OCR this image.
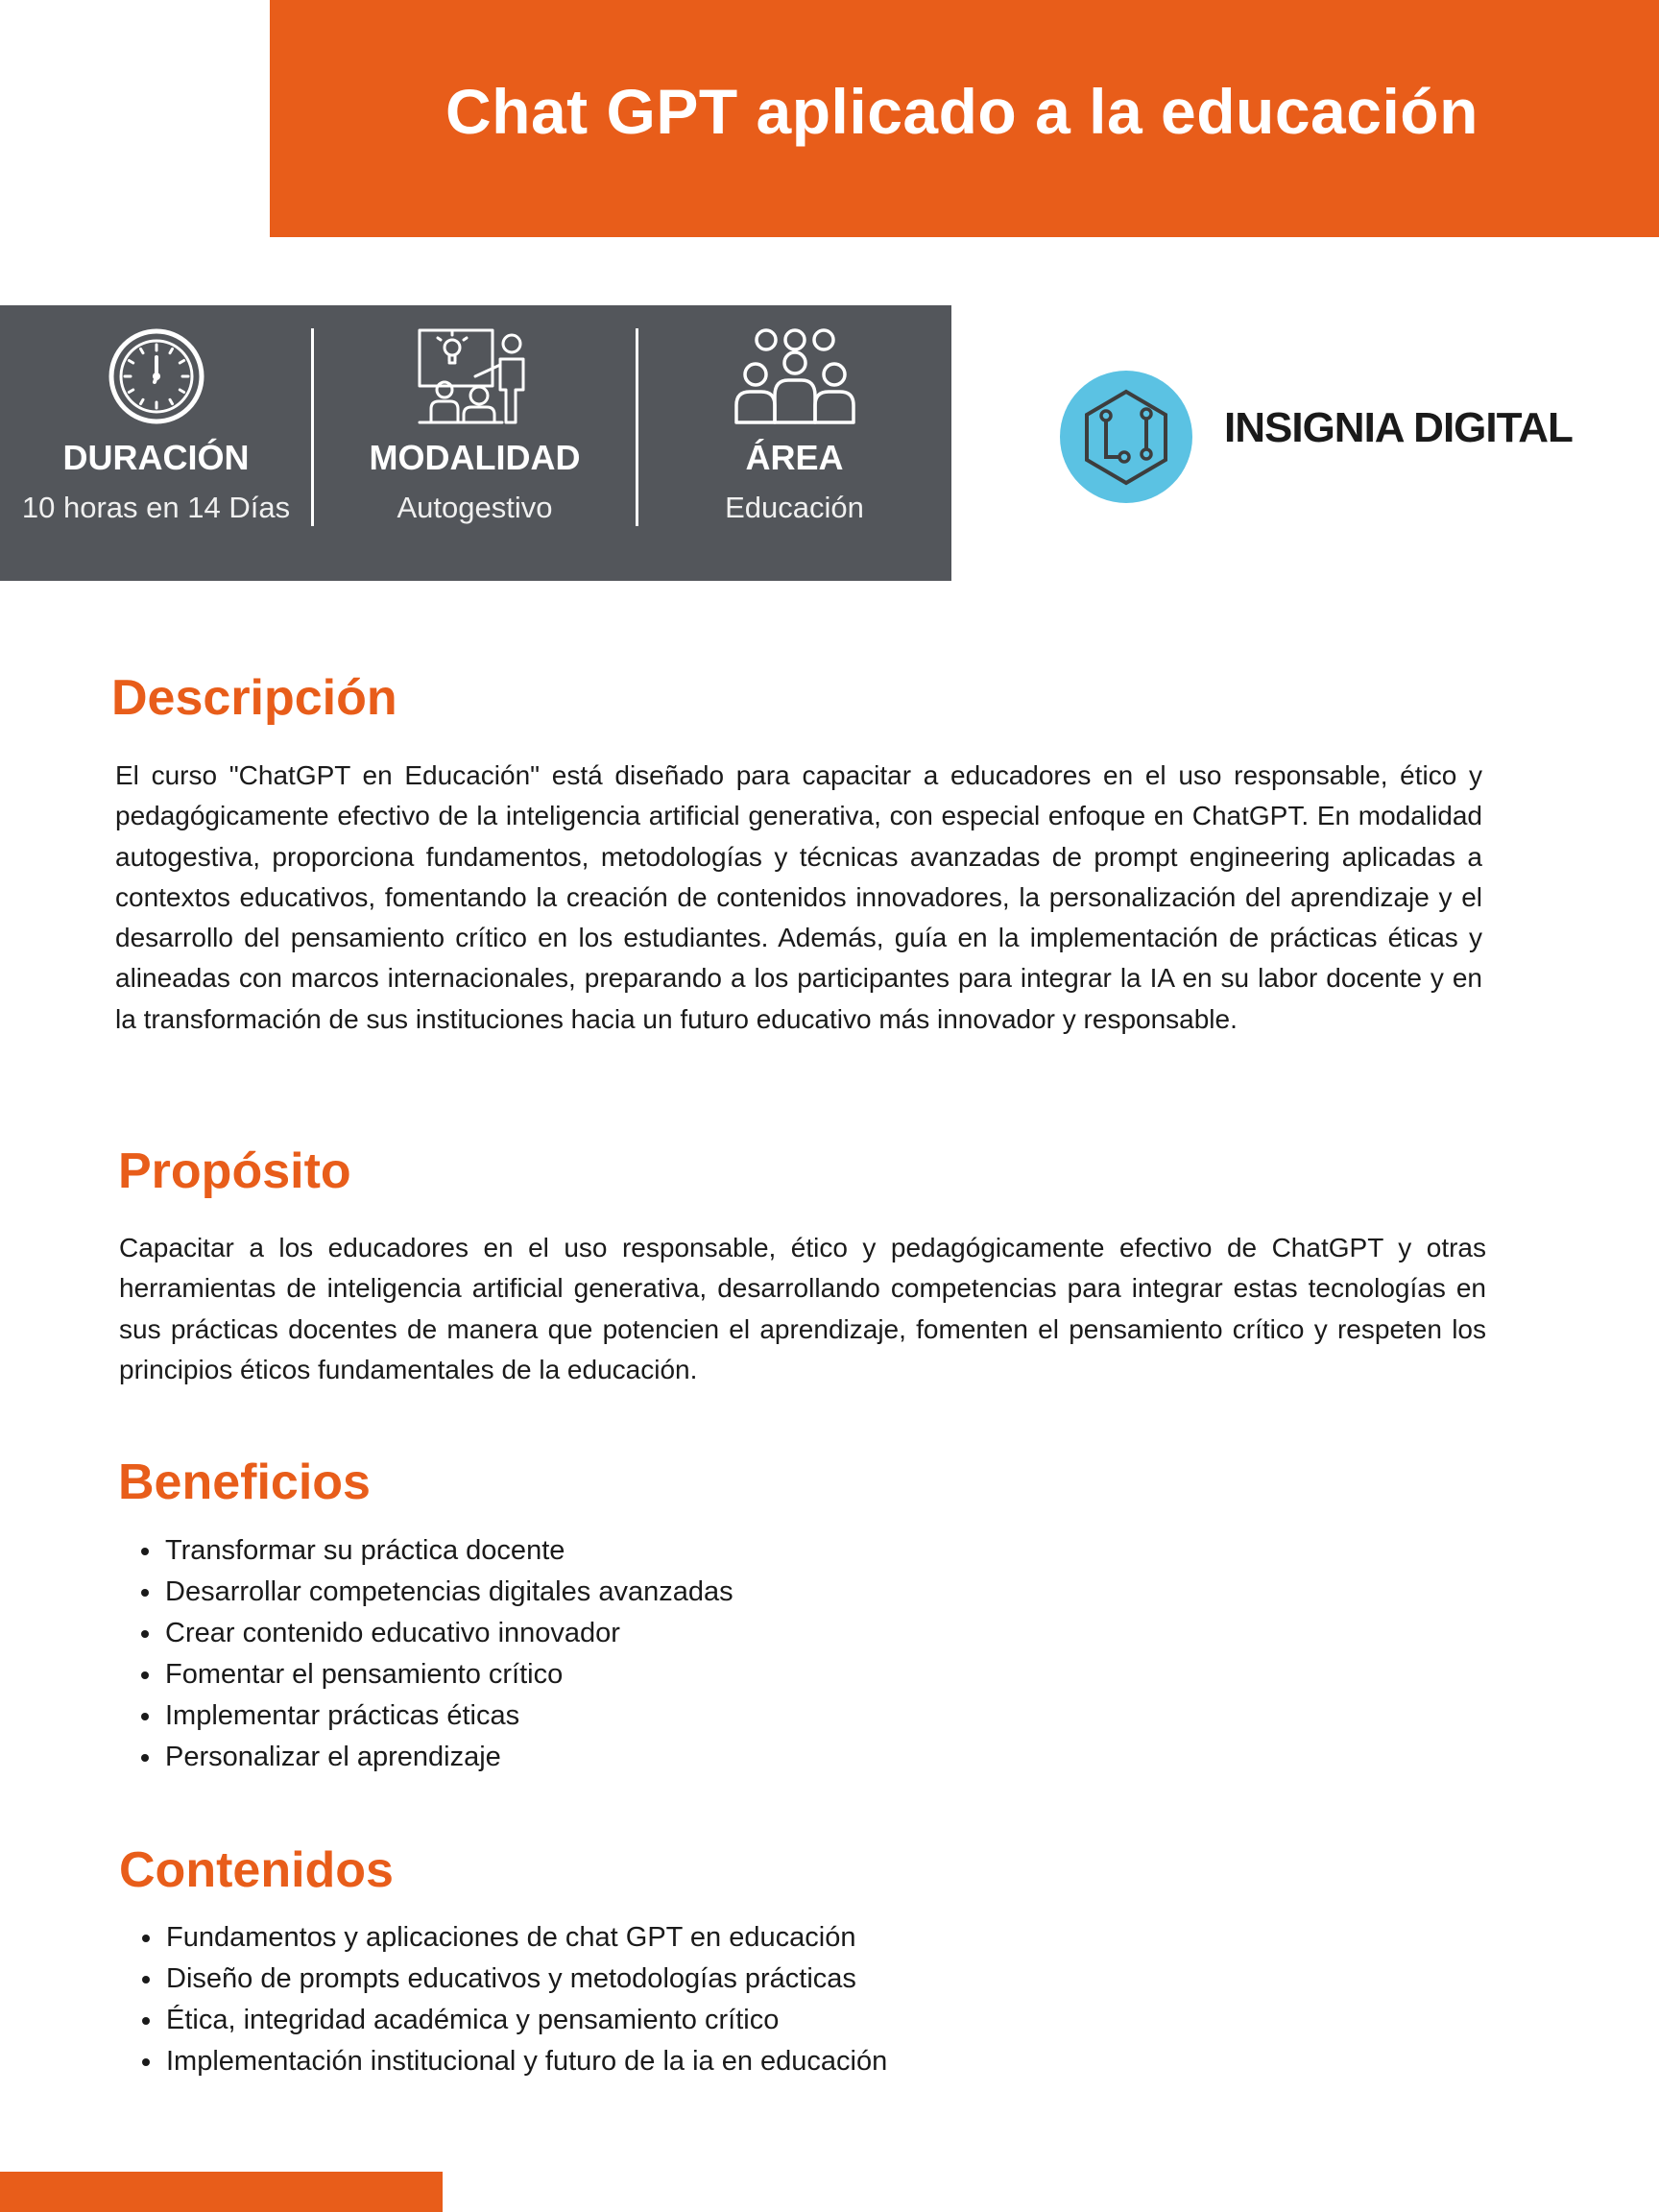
Chat GPT aplicado a la educación
DURACIÓN
10 horas en 14 Días
MODALIDAD
Autogestivo
ÁREA
Educación
INSIGNIA DIGITAL
Descripción

El curso "ChatGPT en Educación" está diseñado para capacitar a educadores en el uso responsable, ético y pedagógicamente efectivo de la inteligencia artificial generativa, con especial enfoque en ChatGPT. En modalidad autogestiva, proporciona fundamentos, metodologías y técnicas avanzadas de prompt engineering aplicadas a contextos educativos, fomentando la creación de contenidos innovadores, la personalización del aprendizaje y el desarrollo del pensamiento crítico en los estudiantes. Además, guía en la implementación de prácticas éticas y alineadas con marcos internacionales, preparando a los participantes para integrar la IA en su labor docente y en la transformación de sus instituciones hacia un futuro educativo más innovador y responsable.

Propósito

Capacitar a los educadores en el uso responsable, ético y pedagógicamente efectivo de ChatGPT y otras herramientas de inteligencia artificial generativa, desarrollando competencias para integrar estas tecnologías en sus prácticas docentes de manera que potencien el aprendizaje, fomenten el pensamiento crítico y respeten los principios éticos fundamentales de la educación.

Beneficios
Transformar su práctica docente
Desarrollar competencias digitales avanzadas
Crear contenido educativo innovador
Fomentar el pensamiento crítico
Implementar prácticas éticas
Personalizar el aprendizaje
Contenidos
Fundamentos y aplicaciones de chat GPT en educación
Diseño de prompts educativos y metodologías prácticas
Ética, integridad académica y pensamiento crítico
Implementación institucional y futuro de la ia en educación
